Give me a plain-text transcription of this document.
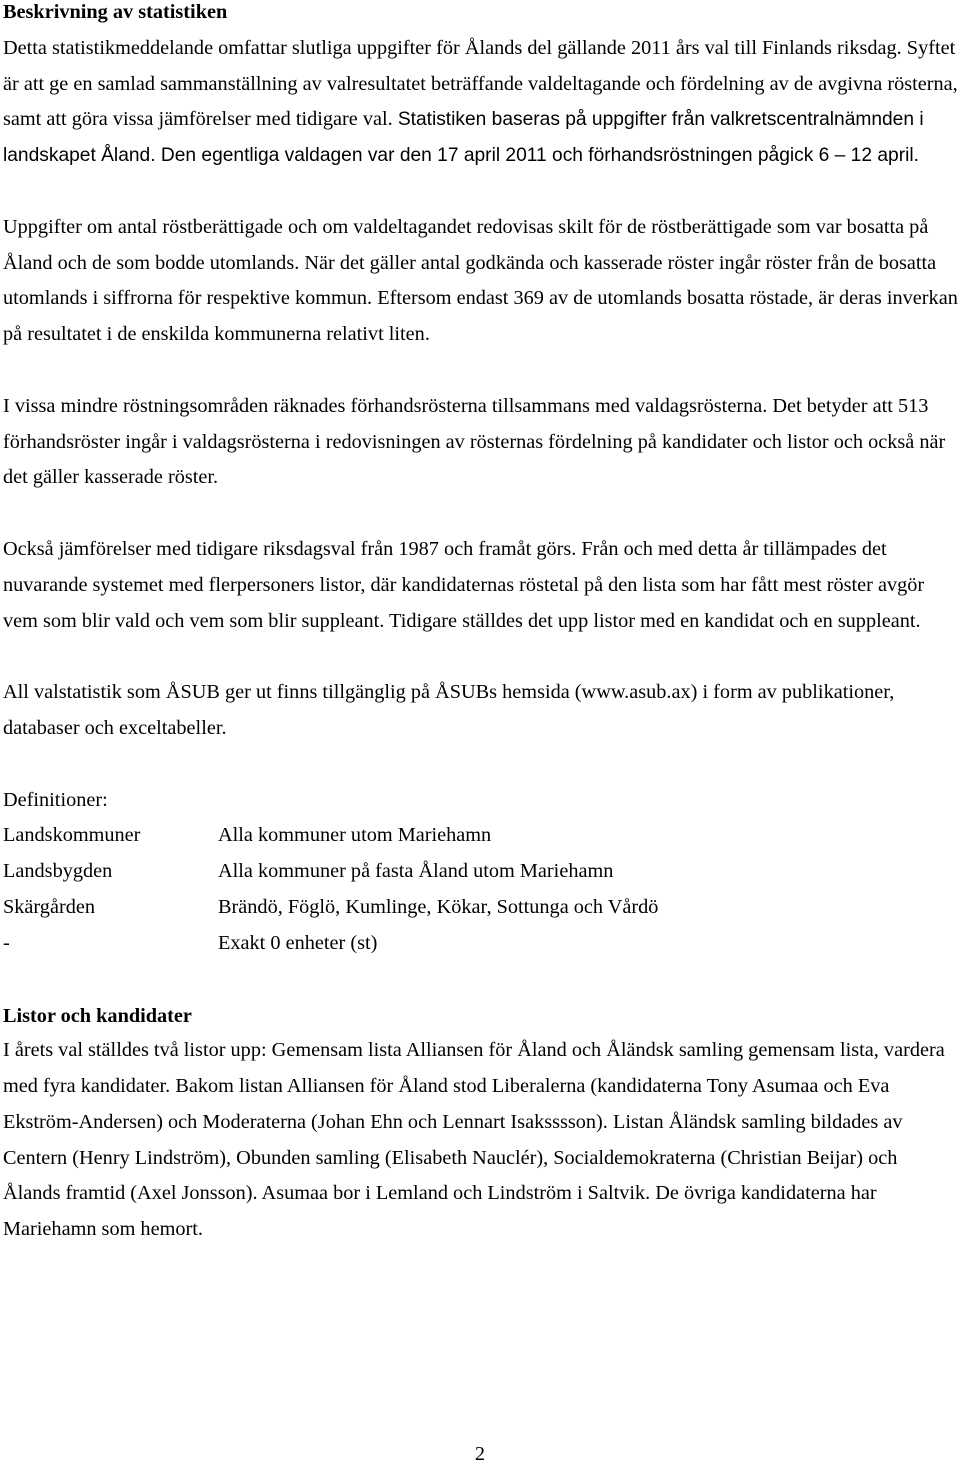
Beskrivning av statistiken

Detta statistikmeddelande omfattar slutliga uppgifter för Ålands del gällande 2011 års val till Finlands riksdag. Syftet är att ge en samlad sammanställning av valresultatet beträffande valdeltagande och fördelning av de avgivna rösterna, samt att göra vissa jämförelser med tidigare val. Statistiken baseras på uppgifter från valkretscentralnämnden i landskapet Åland. Den egentliga valdagen var den 17 april 2011 och förhandsröstningen pågick 6 – 12 april.

Uppgifter om antal röstberättigade och om valdeltagandet redovisas skilt för de röstberättigade som var bosatta på Åland och de som bodde utomlands. När det gäller antal godkända och kasserade röster ingår röster från de bosatta utomlands i siffrorna för respektive kommun. Eftersom endast 369 av de utomlands bosatta röstade, är deras inverkan på resultatet i de enskilda kommunerna relativt liten.

I vissa mindre röstningsområden räknades förhandsrösterna tillsammans med valdagsrösterna. Det betyder att 513 förhandsröster ingår i valdagsrösterna i redovisningen av rösternas fördelning på kandidater och listor och också när det gäller kasserade röster.

Också jämförelser med tidigare riksdagsval från 1987 och framåt görs. Från och med detta år tillämpades det nuvarande systemet med flerpersoners listor, där kandidaternas röstetal på den lista som har fått mest röster avgör vem som blir vald och vem som blir suppleant. Tidigare ställdes det upp listor med en kandidat och en suppleant.

All valstatistik som ÅSUB ger ut finns tillgänglig på ÅSUBs hemsida (www.asub.ax) i form av publikationer, databaser och exceltabeller.

Definitioner:

Landskommuner	Alla kommuner utom Mariehamn
Landsbygden	Alla kommuner på fasta Åland utom Mariehamn
Skärgården	Brändö, Föglö, Kumlinge, Kökar, Sottunga och Vårdö
-	Exakt 0 enheter (st)
Listor och kandidater

I årets val ställdes två listor upp: Gemensam lista Alliansen för Åland och Åländsk samling gemensam lista, vardera med fyra kandidater. Bakom listan Alliansen för Åland stod Liberalerna (kandidaterna Tony Asumaa och Eva Ekström-Andersen) och Moderaterna (Johan Ehn och Lennart Isaksssson). Listan Åländsk samling bildades av Centern (Henry Lindström), Obunden samling (Elisabeth Nauclér), Socialdemokraterna (Christian Beijar) och Ålands framtid (Axel Jonsson). Asumaa bor i Lemland och Lindström i Saltvik. De övriga kandidaterna har Mariehamn som hemort.

2
